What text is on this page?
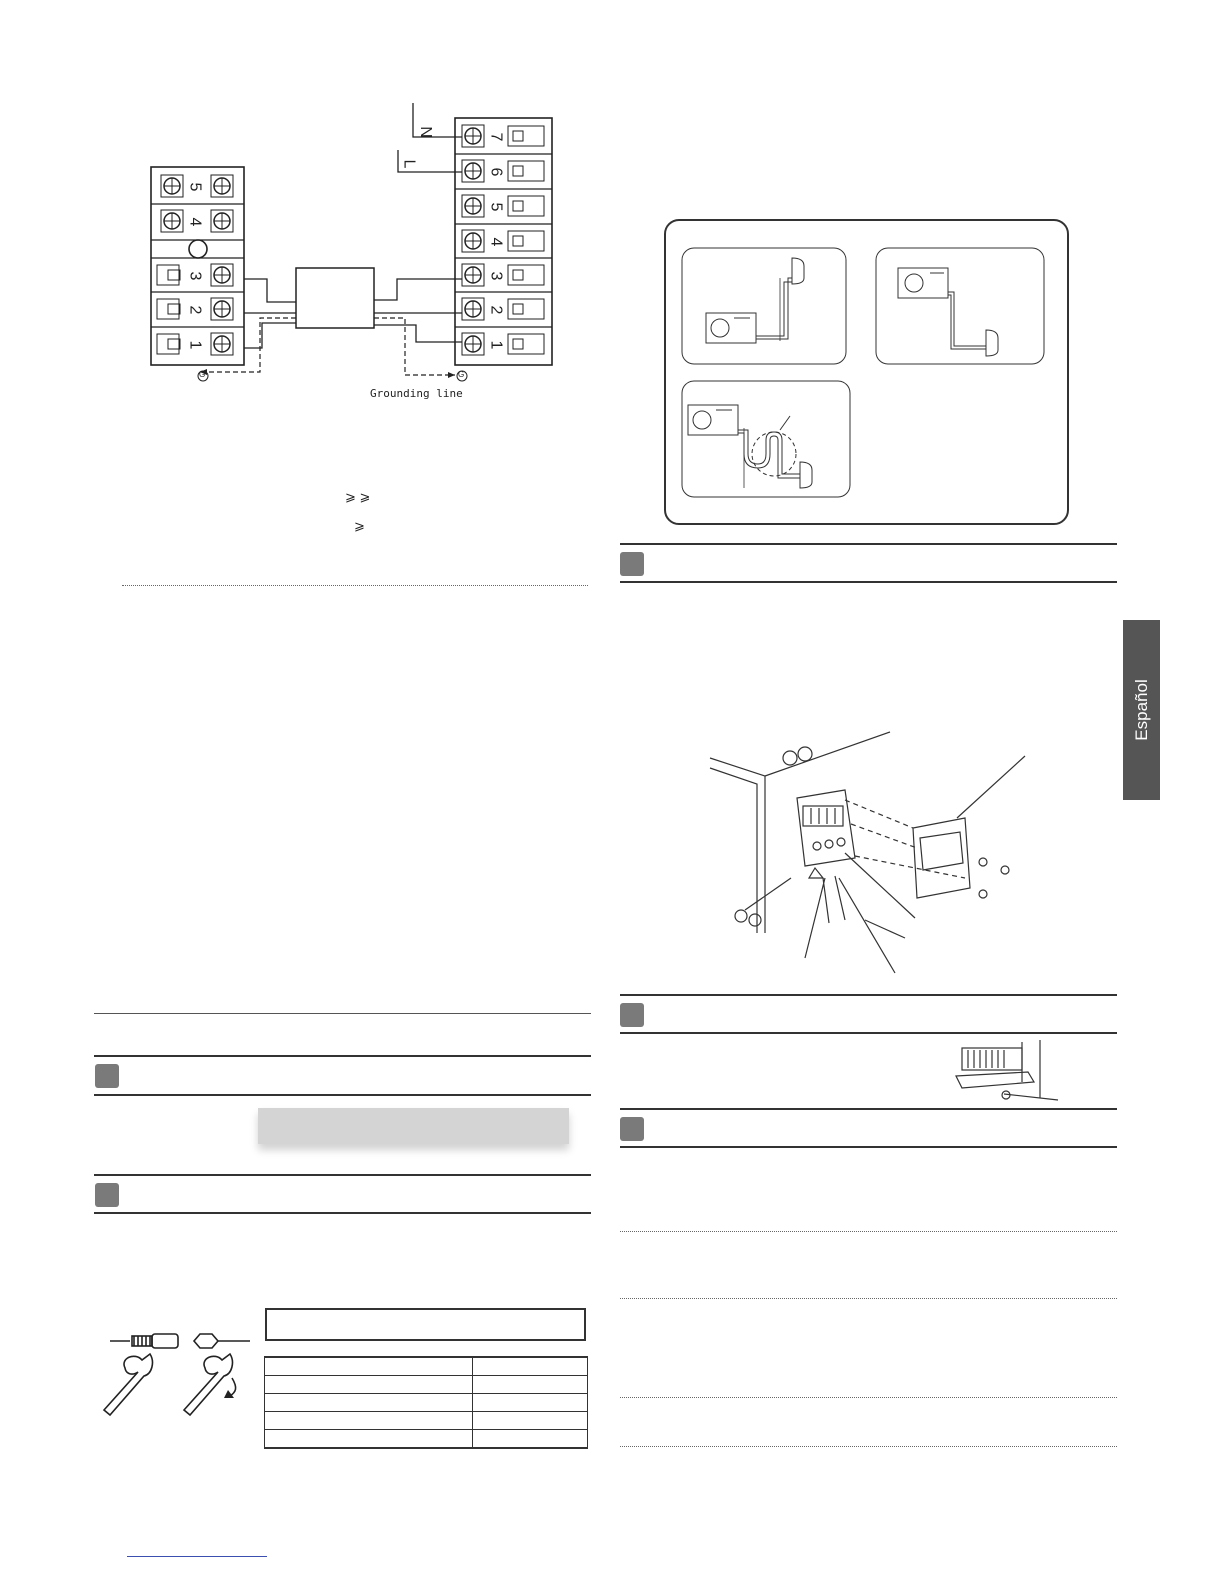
5
4
3
2
1
7
6
5
4
3
2
1
N
L
G	G
Grounding line
⩾ ⩾
⩾

Español
